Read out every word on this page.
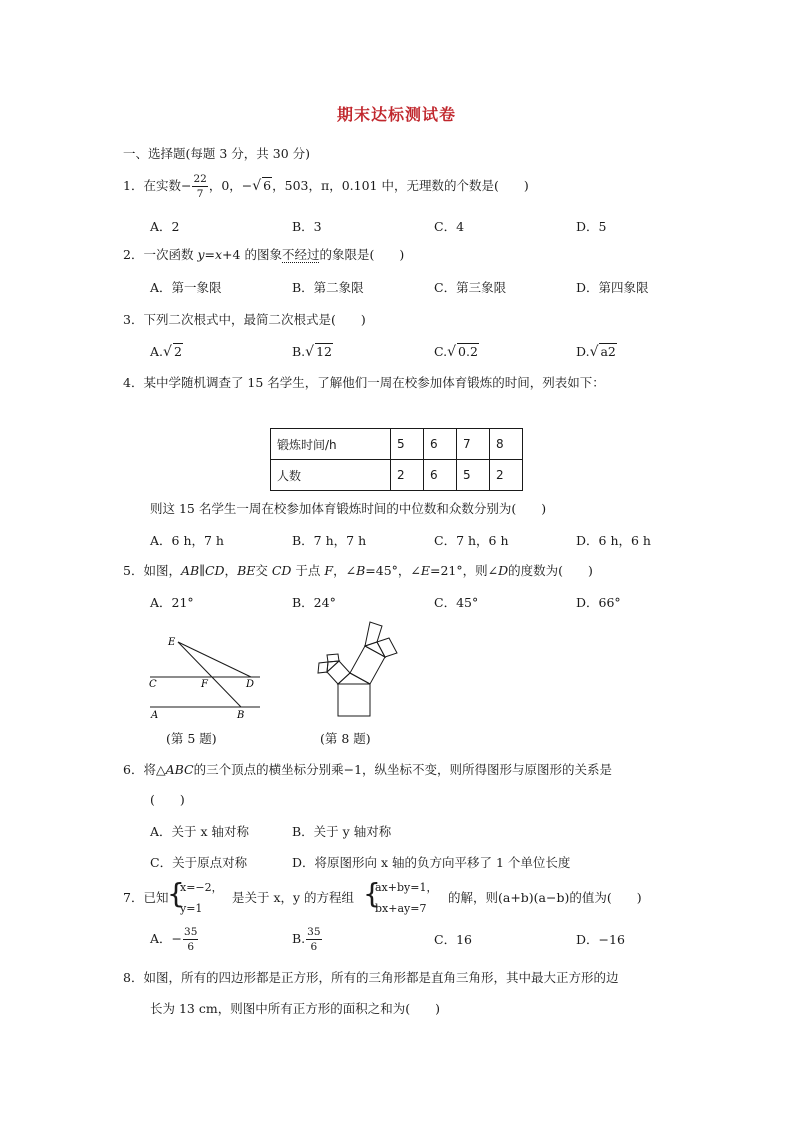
期末达标测试卷
一、选择题(每题 3 分，共 30 分)
1．在实数− $\frac{22}{7}$ ，0，−√ 6，503，π，0.101 中，无理数的个数是(　　)
A．2	B．3	C．4	D．5
2．一次函数 y=x+4 的图象不经过的象限是(　　)
A．第一象限	B．第二象限	C．第三象限	D．第四象限
3．下列二次根式中，最简二次根式是(　　)
A.√ 2	B.√ 12	C.√ 0.2	D.√ a2
4．某中学随机调查了 15 名学生，了解他们一周在校参加体育锻炼的时间，列表如下：
锻炼时间/h	5	6	7	8
人数	2	6	5	2
则这 15 名学生一周在校参加体育锻炼时间的中位数和众数分别为(　　)
A．6 h，7 h	B．7 h，7 h	C．7 h，6 h	D．6 h，6 h
5．如图，AB∥CD，BE交 CD 于点 F，∠B=45°，∠E=21°，则∠D的度数为(　　)
A．21°	B．24°	C．45°	D．66°
E
C	F	D
A	B
(第 5 题)	(第 8 题)
6．将△ABC的三个顶点的横坐标分别乘−1，纵坐标不变，则所得图形与原图形的关系是
(　　)
A．关于 x 轴对称	B．关于 y 轴对称
C．关于原点对称	D．将原图形向 x 轴的负方向平移了 1 个单位长度
7．已知
{
x=−2，
y=1
是关于 x，y 的方程组 {
ax+by=1，
bx+ay=7
的解，则(a+b)(a−b)的值为(　　)
A．− $\frac{35}{6}$	B. $\frac{35}{6}$	C．16	D．−16
8．如图，所有的四边形都是正方形，所有的三角形都是直角三角形，其中最大正方形的边
长为 13 cm，则图中所有正方形的面积之和为(　　)
